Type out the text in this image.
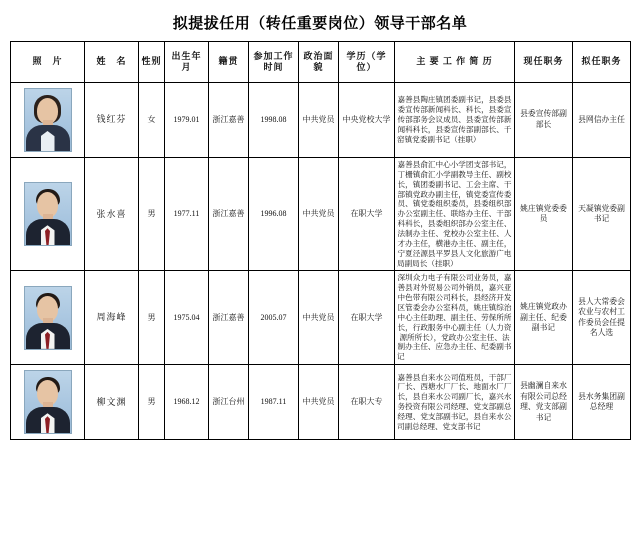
拟提拔任用（转任重要岗位）领导干部名单
照　片	姓　名	性别	出生年月	籍贯	参加工作时间	政治面貌	学历（学位）	主 要 工 作 简 历	现任职务	拟任职务

	钱红芬	女	1979.01	浙江嘉善	1998.08	中共党员	中央党校大学	嘉善县陶庄镇团委副书记，县委县委宣传部新闻科长、科长，县委宣传部部务会议成员、县委宣传部新闻科科长，县委宣传部副部长、千窑镇党委副书记（挂职）	县委宣传部副部长	县网信办主任

	张水喜	男	1977.11	浙江嘉善	1996.08	中共党员	在职大学	嘉善县俞汇中心小学团支部书记，丁栅镇俞汇小学副教导主任、副校长，镇团委副书记、工会主席、干部镇党政办副主任，镇党委宣传委员、镇党委组织委员，县委组织部办公室副主任、联络办主任、干部科科长，县委组织部办公室主任、法制办主任、党校办公室主任、人才办主任，横港办主任、副主任，宁夏泾源县平罗县人文化旅游广电局副局长（挂职）	姚庄镇党委委员	天凝镇党委副书记

	周海峰	男	1975.04	浙江嘉善	2005.07	中共党员	在职大学	深圳众力电子有限公司业务员，嘉善县对外贸易公司外销员，嘉兴亚中色带有限公司科长，县经济开发区管委会办公室科员，姚庄镇综治中心主任助理、副主任、劳保所所长，行政服务中心副主任（人力资源所所长），党政办公室主任、法制办主任、应急办主任、纪委副书记	姚庄镇党政办副主任、纪委副书记	县人大常委会农业与农村工作委员会任提名人选

	柳文渊	男	1968.12	浙江台州	1987.11	中共党员	在职大专	嘉善县自来水公司值班员，干部厂厂长、西塘水厂厂长、地面水厂厂长，县自来水公司副厂长，嘉兴水务投资有限公司经理、党支部副总经理、党支部副书记，县自来水公司副总经理、党支部书记	县幽澜自来水有限公司总经理、党支部副书记	县水务集团副总经理
